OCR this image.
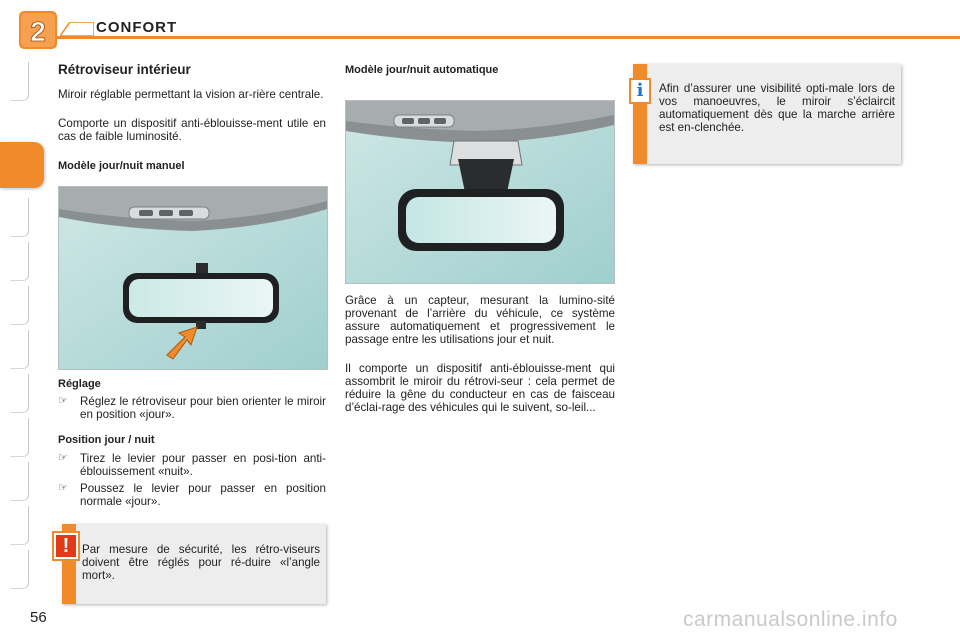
2	CONFORT
Rétroviseur intérieur

Miroir réglable permettant la vision ar-rière centrale.

Comporte un dispositif anti-éblouisse-ment utile en cas de faible luminosité.

Modèle jour/nuit manuel
Réglage
☞ Réglez le rétroviseur pour bien orienter le miroir en position «jour».
Position jour / nuit
☞ Tirez le levier pour passer en posi-tion anti-éblouissement «nuit».
☞ Poussez le levier pour passer en position normale «jour».

Par mesure de sécurité, les rétro-viseurs doivent être réglés pour ré-duire «l’angle mort».

!
Modèle jour/nuit automatique

Grâce à un capteur, mesurant la lumino-sité provenant de l’arrière du véhicule, ce système assure automatiquement et progressivement le passage entre les utilisations jour et nuit.

Il comporte un dispositif anti-éblouisse-ment qui assombrit le miroir du rétrovi-seur : cela permet de réduire la gêne du conducteur en cas de faisceau d’éclai-rage des véhicules qui le suivent, so-leil...

Afin d’assurer une visibilité opti-male lors de vos manoeuvres, le miroir s’éclaircit automatiquement dès que la marche arrière est en-clenchée.

i
56	carmanualsonline.info
